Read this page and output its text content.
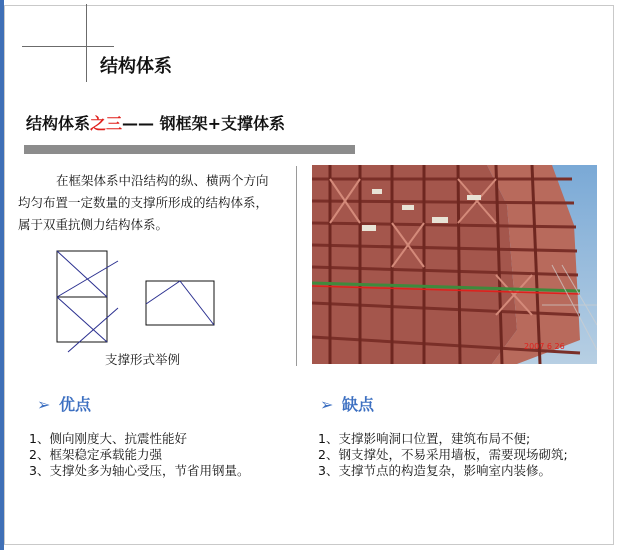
结构体系
结构体系之三—— 钢框架+支撑体系
在框架体系中沿结构的纵、横两个方向均匀布置一定数量的支撑所形成的结构体系，属于双重抗侧力结构体系。
支撑形式举例
2007 6 26
➢ 优点	➢ 缺点
1、侧向刚度大、抗震性能好
2、框架稳定承载能力强
3、支撑处多为轴心受压，节省用钢量。
1、支撑影响洞口位置，建筑布局不便;
2、钢支撑处，不易采用墙板，需要现场砌筑;
3、支撑节点的构造复杂，影响室内装修。
